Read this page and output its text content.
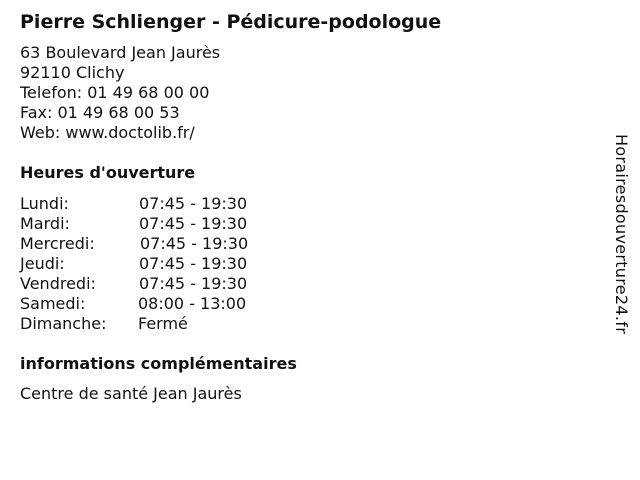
Pierre Schlienger - Pédicure-podologue
63 Boulevard Jean Jaurès
92110 Clichy
Telefon: 01 49 68 00 00
Fax: 01 49 68 00 53
Web: www.doctolib.fr/
Heures d'ouverture
Lundi:	07:45 - 19:30
Mardi:	07:45 - 19:30
Mercredi:	07:45 - 19:30
Jeudi:	07:45 - 19:30
Vendredi:	07:45 - 19:30
Samedi:	08:00 - 13:00
Dimanche: Fermé
informations complémentaires
Centre de santé Jean Jaurès
Horairesdouverture24.fr
